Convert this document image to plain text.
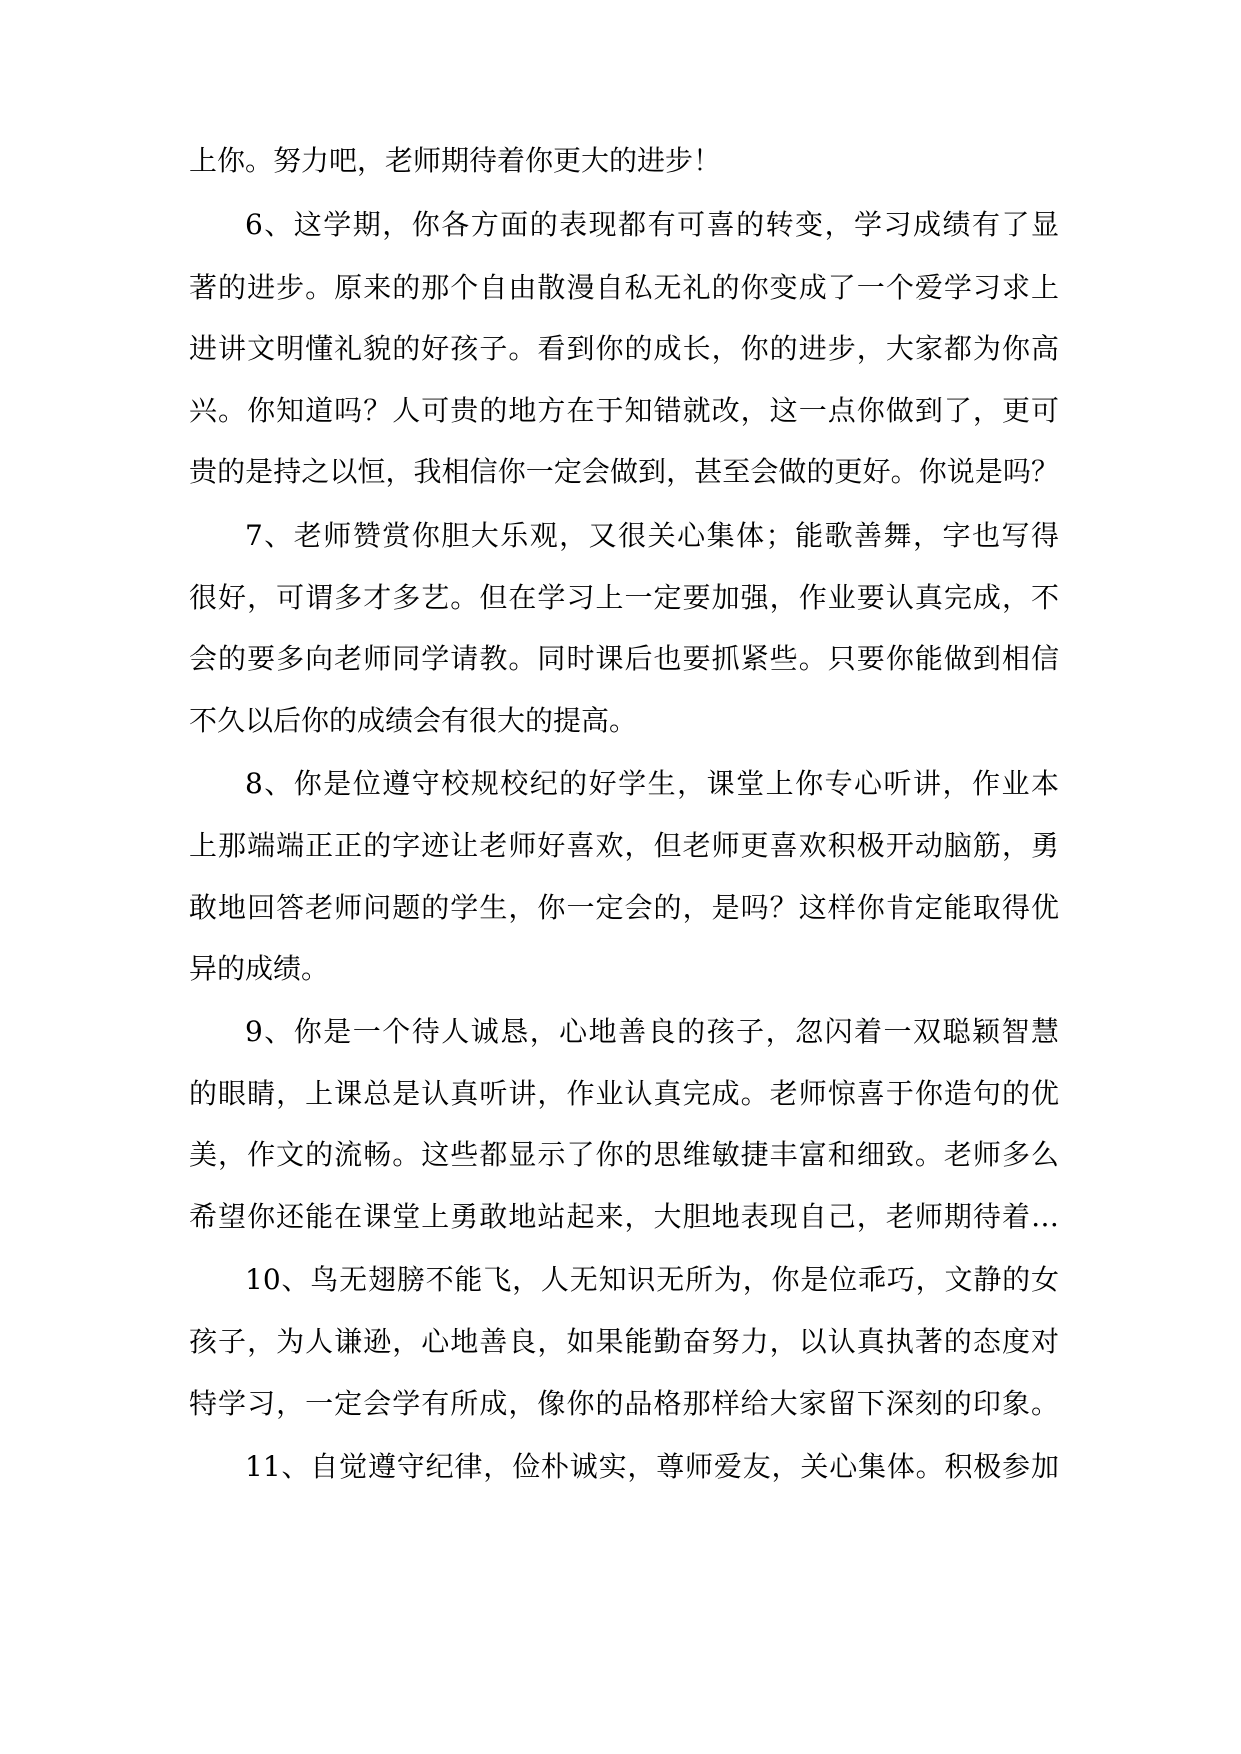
上你。努力吧，老师期待着你更大的进步！
6、这学期，你各方面的表现都有可喜的转变，学习成绩有了显
著的进步。原来的那个自由散漫自私无礼的你变成了一个爱学习求上
进讲文明懂礼貌的好孩子。看到你的成长，你的进步，大家都为你高
兴。你知道吗？人可贵的地方在于知错就改，这一点你做到了，更可
贵的是持之以恒，我相信你一定会做到，甚至会做的更好。你说是吗？
7、老师赞赏你胆大乐观，又很关心集体；能歌善舞，字也写得
很好，可谓多才多艺。但在学习上一定要加强，作业要认真完成，不
会的要多向老师同学请教。同时课后也要抓紧些。只要你能做到相信
不久以后你的成绩会有很大的提高。
8、你是位遵守校规校纪的好学生，课堂上你专心听讲，作业本
上那端端正正的字迹让老师好喜欢，但老师更喜欢积极开动脑筋，勇
敢地回答老师问题的学生，你一定会的，是吗？这样你肯定能取得优
异的成绩。
9、你是一个待人诚恳，心地善良的孩子，忽闪着一双聪颖智慧
的眼睛，上课总是认真听讲，作业认真完成。老师惊喜于你造句的优
美，作文的流畅。这些都显示了你的思维敏捷丰富和细致。老师多么
希望你还能在课堂上勇敢地站起来，大胆地表现自己，老师期待着…
10、鸟无翅膀不能飞，人无知识无所为，你是位乖巧，文静的女
孩子，为人谦逊，心地善良，如果能勤奋努力，以认真执著的态度对
特学习，一定会学有所成，像你的品格那样给大家留下深刻的印象。
11、自觉遵守纪律，俭朴诚实，尊师爱友，关心集体。积极参加
